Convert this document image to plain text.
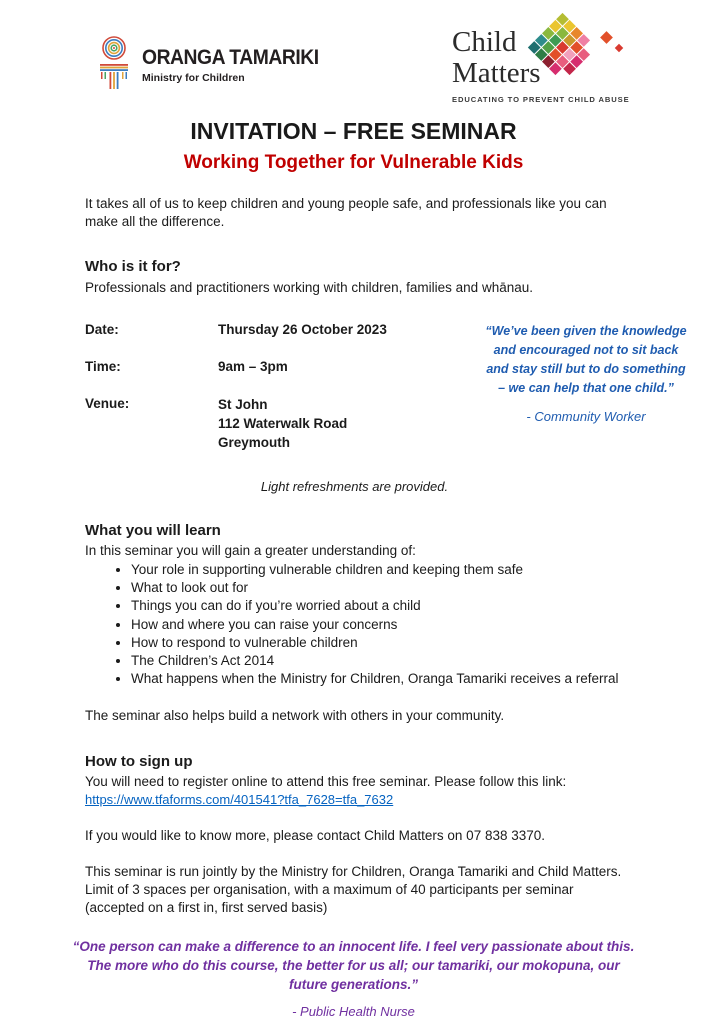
ORANGA TAMARIKI
Ministry for Children
Child
Matters
EDUCATING TO PREVENT CHILD ABUSE
INVITATION – FREE SEMINAR
Working Together for Vulnerable Kids

It takes all of us to keep children and young people safe, and professionals like you can make all the difference.

Who is it for?

Professionals and practitioners working with children, families and whānau.

Date:	Thursday 26 October 2023
Time:	9am – 3pm
Venue:	St John
112 Waterwalk Road
Greymouth
“We’ve been given the knowledge and encouraged not to sit back and stay still but to do something – we can help that one child.”
- Community Worker

Light refreshments are provided.

What you will learn

In this seminar you will gain a greater understanding of:

• Your role in supporting vulnerable children and keeping them safe
• What to look out for
• Things you can do if you’re worried about a child
• How and where you can raise your concerns
• How to respond to vulnerable children
• The Children’s Act 2014
• What happens when the Ministry for Children, Oranga Tamariki receives a referral

The seminar also helps build a network with others in your community.

How to sign up

You will need to register online to attend this free seminar. Please follow this link:

https://www.tfaforms.com/401541?tfa_7628=tfa_7632

If you would like to know more, please contact Child Matters on 07 838 3370.

This seminar is run jointly by the Ministry for Children, Oranga Tamariki and Child Matters. Limit of 3 spaces per organisation, with a maximum of 40 participants per seminar (accepted on a first in, first served basis)

“One person can make a difference to an innocent life. I feel very passionate about this. The more who do this course, the better for us all; our tamariki, our mokopuna, our future generations.”
- Public Health Nurse
